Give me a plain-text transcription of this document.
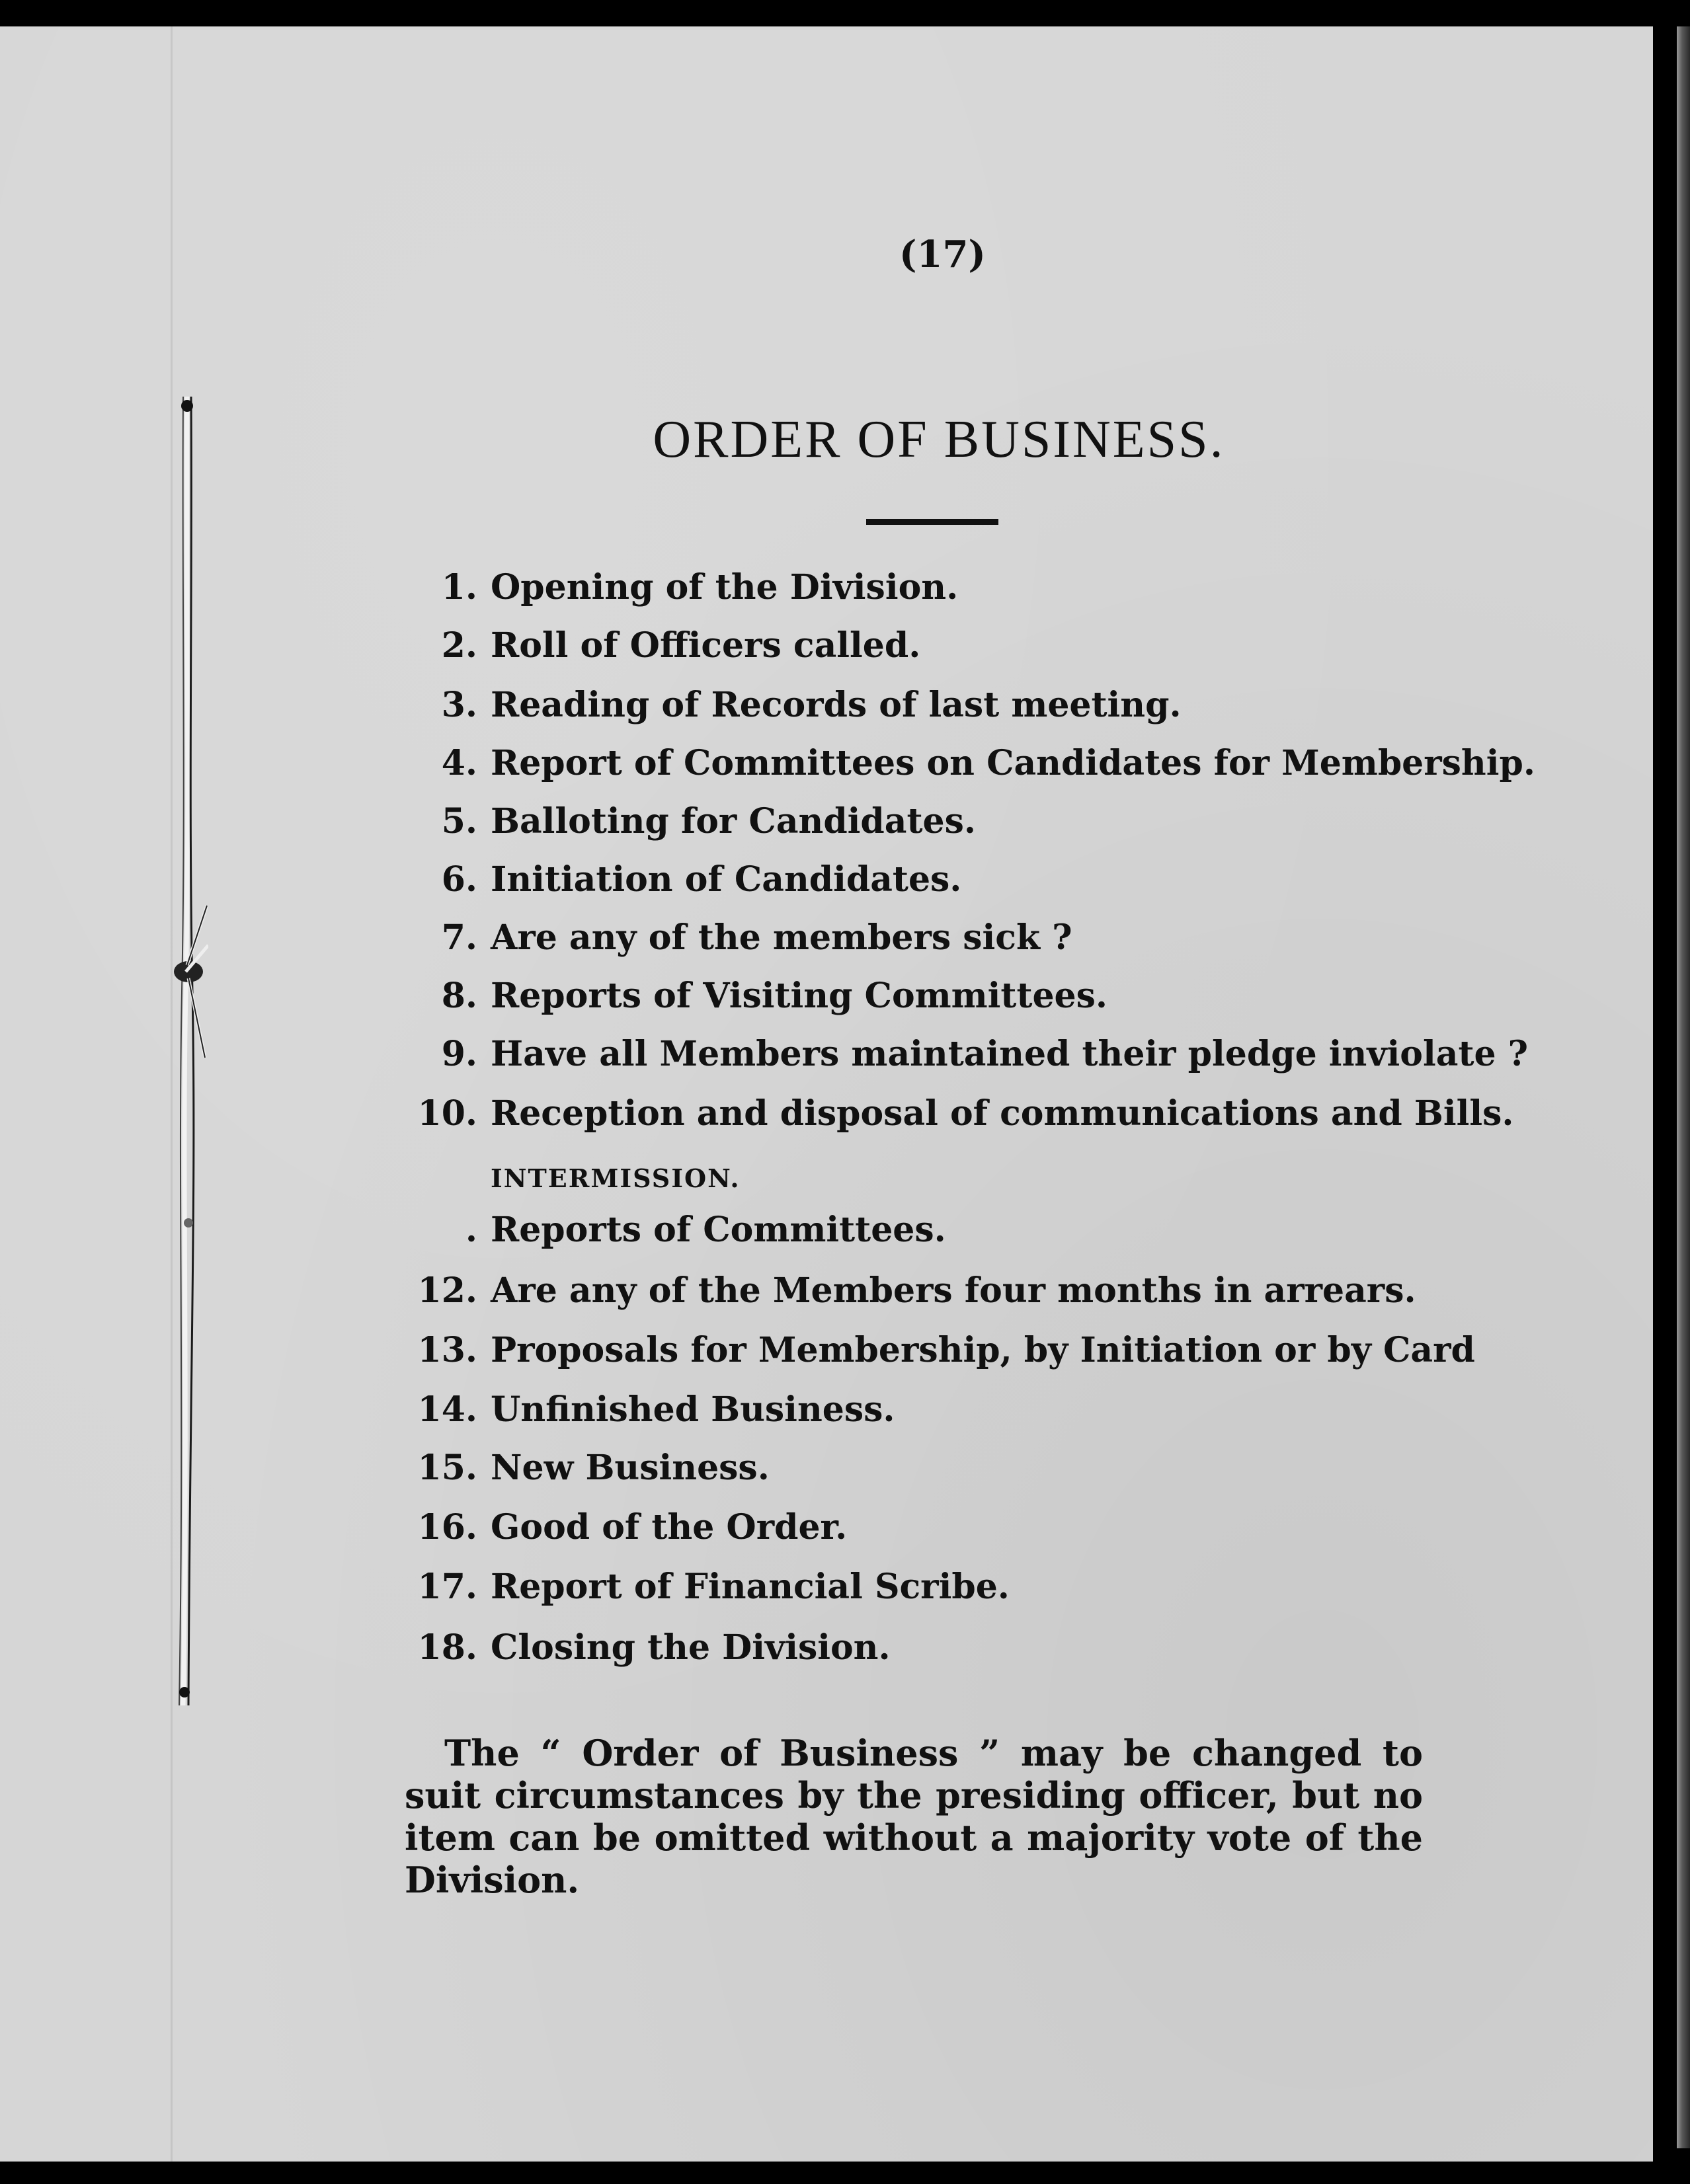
(17)
ORDER OF BUSINESS.
1. Opening of the Division.
2. Roll of Officers called.
3. Reading of Records of last meeting.
4. Report of Committees on Candidates for Membership.
5. Balloting for Candidates.
6. Initiation of Candidates.
7. Are any of the members sick ?
8. Reports of Visiting Committees.
9. Have all Members maintained their pledge inviolate ?
10. Reception and disposal of communications and Bills.
INTERMISSION.
. Reports of Committees.
12. Are any of the Members four months in arrears.
13. Proposals for Membership, by Initiation or by Card
14. Unfinished Business.
15. New Business.
16. Good of the Order.
17. Report of Financial Scribe.
18. Closing the Division.
The “ Order of Business ” may be changed to suit circumstances by the presiding officer, but no item can be omitted without a majority vote of the Division.
